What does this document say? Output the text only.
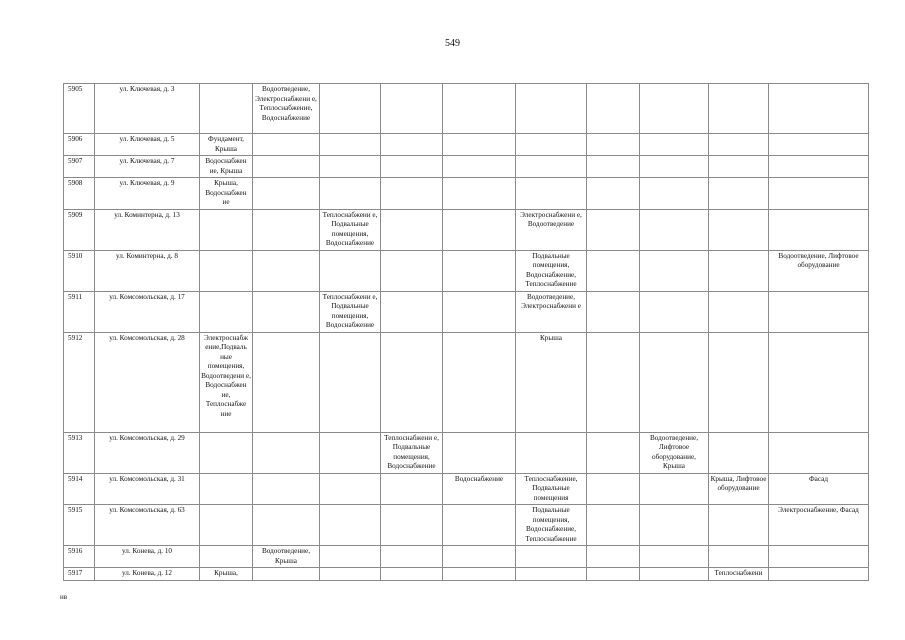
549
5905	ул. Ключевая, д. 3		Водоотведение, Электроснабжени е, Теплоснабжение, Водоснабжение								
5906	ул. Ключевая, д. 5	Фундамент, Крыша									
5907	ул. Ключевая, д. 7	Водоснабжен ие, Крыша									
5908	ул. Ключевая, д. 9	Крыша, Водоснабжен ие									
5909	ул. Коминтерна, д. 13			Теплоснабжени е, Подвальные помещения, Водоснабжение			Электроснабжени е, Водоотведение				
5910	ул. Коминтерна, д. 8						Подвальные помещения, Водоснабжение, Теплоснабжение				Водоотведение, Лифтовое оборудование
5911	ул. Комсомольская, д. 17			Теплоснабжени е, Подвальные помещения, Водоснабжение			Водоотведение, Электроснабжени е				
5912	ул. Комсомольская, д. 28	Электроснабж ение,Подваль ные помещения, Водоотведени е, Водоснабжен ие, Теплоснабже ние					Крыша				
5913	ул. Комсомольская, д. 29				Теплоснабжени е, Подвальные помещения, Водоснабжение				Водоотведение, Лифтовое оборудование, Крыша		
5914	ул. Комсомольская, д. 31					Водоснабжение	Теплоснабжение, Подвальные помещения			Крыша, Лифтовое оборудование	Фасад
5915	ул. Комсомольская, д. 63						Подвальные помещения, Водоснабжение, Теплоснабжение				Электроснабжение, Фасад
5916	ул. Конева, д. 10		Водоотведение, Крыша								
5917	ул. Конева, д. 12	Крыша,								Теплоснабжени	
нв
